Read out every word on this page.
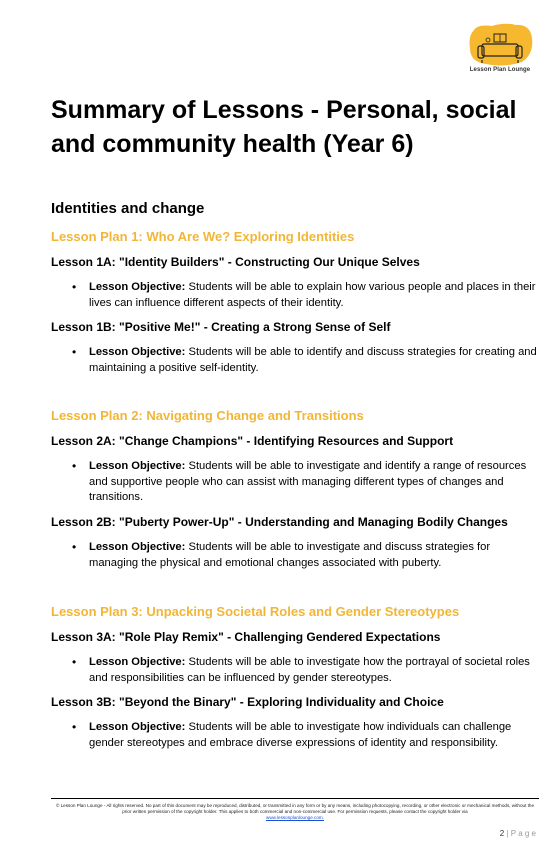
Lesson Plan Lounge
Summary of Lessons - Personal, social and community health (Year 6)
Identities and change
Lesson Plan 1: Who Are We? Exploring Identities
Lesson 1A: "Identity Builders" - Constructing Our Unique Selves
• Lesson Objective: Students will be able to explain how various people and places in their lives can influence different aspects of their identity.

Lesson 1B: "Positive Me!" - Creating a Strong Sense of Self
• Lesson Objective: Students will be able to identify and discuss strategies for creating and maintaining a positive self-identity.

Lesson Plan 2: Navigating Change and Transitions
Lesson 2A: "Change Champions" - Identifying Resources and Support
• Lesson Objective: Students will be able to investigate and identify a range of resources and supportive people who can assist with managing different types of changes and transitions.

Lesson 2B: "Puberty Power-Up" - Understanding and Managing Bodily Changes
• Lesson Objective: Students will be able to investigate and discuss strategies for managing the physical and emotional changes associated with puberty.

Lesson Plan 3: Unpacking Societal Roles and Gender Stereotypes
Lesson 3A: "Role Play Remix" - Challenging Gendered Expectations
• Lesson Objective: Students will be able to investigate how the portrayal of societal roles and responsibilities can be influenced by gender stereotypes.

Lesson 3B: "Beyond the Binary" - Exploring Individuality and Choice
• Lesson Objective: Students will be able to investigate how individuals can challenge gender stereotypes and embrace diverse expressions of identity and responsibility.

© Lesson Plan Lounge - All rights reserved. No part of this document may be reproduced, distributed, or transmitted in any form or by any means, including photocopying, recording, or other electronic or mechanical methods, without the prior written permission of the copyright holder. This applies to both commercial and non-commercial use. For permission requests, please contact the copyright holder via
www.lessonplanlounge.com.
2 | P a g e
